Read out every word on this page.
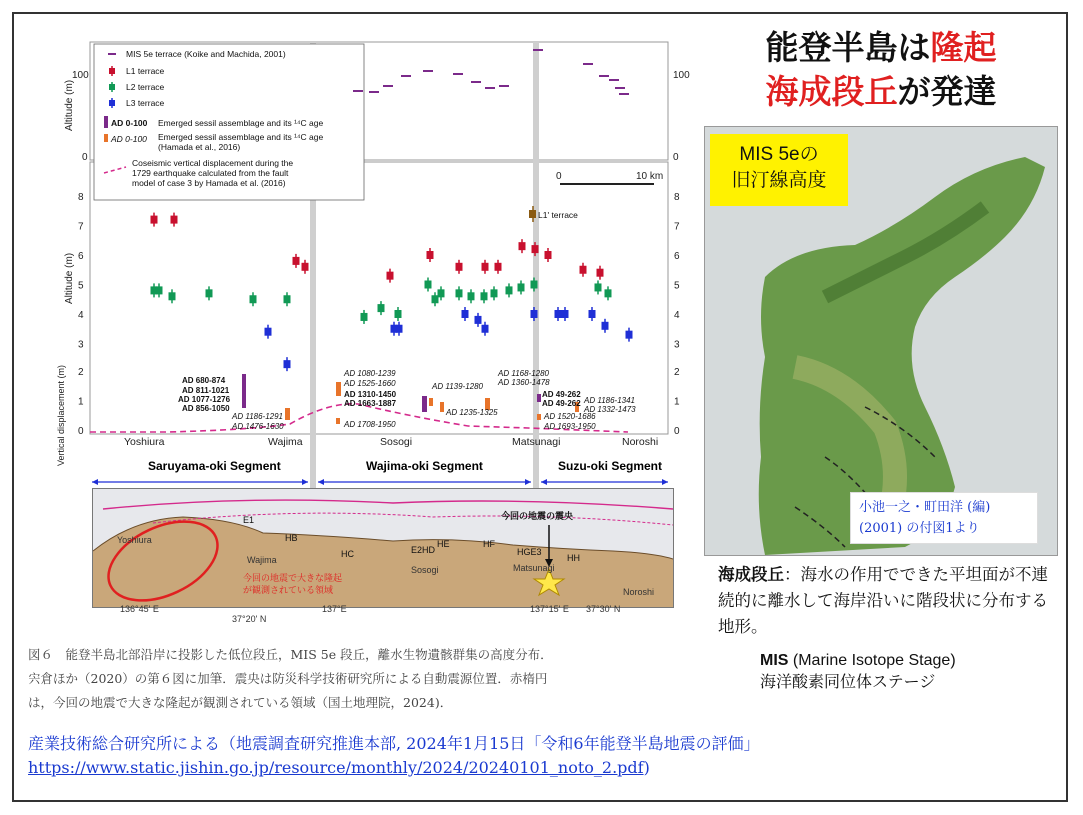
能登半島は隆起
海成段丘が発達
Altitude (m)
Altitude (m)
Vertical displacement (m)
100
0
100
0
8	8
7	7
6	6
5	5
4	4
3	3
2	2
1	1
0	0
MIS 5e terrace (Koike and Machida, 2001)
L1 terrace
L2 terrace
L3 terrace
AD 0-100 Emerged sessil assemblage and its ¹⁴C age
AD 0-100 Emerged sessil assemblage and its ¹⁴C age
(Hamada et al., 2016)
Coseismic vertical displacement during the
1729 earthquake calculated from the fault
model of case 3 by Hamada et al. (2016)
0	10 km
L1' terrace
AD 680-874
AD 811-1021
AD 1077-1276
AD 856-1050
AD 1186-1291
AD 1476-1630
AD 1080-1239
AD 1525-1660	AD 1139-1280
AD 1235-1325
AD 1708-1950
AD 1168-1280
AD 1360-1478
AD 1186-1341
AD 1332-1473
AD 1520-1686
AD 1693-1950
AD 1310-1450
AD 1663-1887
AD 49-262
AD 49-262
Yoshiura	Wajima	Sosogi	Matsunagi	Noroshi
Saruyama-oki Segment	Wajima-oki Segment	Suzu-oki Segment
E1
HB
HC	E2HD
HE	HF
HGE3
HH
Yoshiura
Wajima
Sosogi	Matsunagi
Noroshi
今回の地震の震央
今回の地震で大きな隆起
が観測されている領域
136°45' E
37°20' N
137°E	137°15' E 37°30' N
MIS 5eの
旧汀線高度
小池一之・町田洋 (編)
(2001) の付図1より
海成段丘：海水の作用でできた平坦面が不連続的に離水して海岸沿いに階段状に分布する地形。
MIS (Marine Isotope Stage)
海洋酸素同位体ステージ
図６　能登半島北部沿岸に投影した低位段丘，MIS 5e 段丘，離水生物遺骸群集の高度分布．
宍倉ほか（2020）の第６図に加筆．震央は防災科学技術研究所による自動震源位置．赤楕円
は，今回の地震で大きな隆起が観測されている領域（国土地理院，2024)．
産業技術総合研究所による（地震調査研究推進本部, 2024年1月15日「令和6年能登半島地震の評価」
https://www.static.jishin.go.jp/resource/monthly/2024/20240101_noto_2.pdf)
